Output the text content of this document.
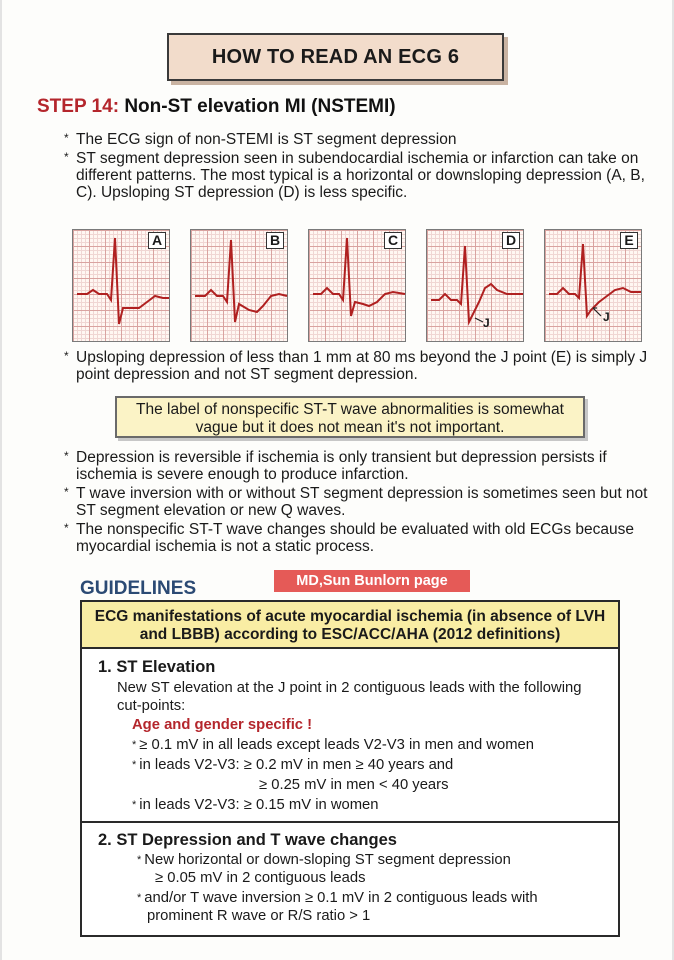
HOW TO READ AN ECG 6
STEP 14: Non-ST elevation MI (NSTEMI)
* The ECG sign of non-STEMI is ST segment depression
* ST segment depression seen in subendocardial ischemia or infarction can take on different patterns. The most typical is a horizontal or downsloping depression (A, B, C). Upsloping ST depression (D) is less specific.
A	B	C	D
J
E
J
* Upsloping depression of less than 1 mm at 80 ms beyond the J point (E) is simply J point depression and not ST segment depression.
The label of nonspecific ST-T wave abnormalities is somewhat vague but it does not mean it's not important.
* Depression is reversible if ischemia is only transient but depression persists if ischemia is severe enough to produce infarction.
* T wave inversion with or without ST segment depression is sometimes seen but not ST segment elevation or new Q waves.
* The nonspecific ST-T wave changes should be evaluated with old ECGs because myocardial ischemia is not a static process.
GUIDELINES	MD,Sun Bunlorn page
ECG manifestations of acute myocardial ischemia (in absence of LVH and LBBB) according to ESC/ACC/AHA (2012 definitions)
1. ST Elevation
New ST elevation at the J point in 2 contiguous leads with the following cut-points:
Age and gender specific !
* ≥ 0.1 mV in all leads except leads V2-V3 in men and women
* in leads V2-V3: ≥ 0.2 mV in men ≥ 40 years and
≥ 0.25 mV in men < 40 years
* in leads V2-V3: ≥ 0.15 mV in women
2. ST Depression and T wave changes
* New horizontal or down-sloping ST segment depression
≥ 0.05 mV in 2 contiguous leads
* and/or T wave inversion ≥ 0.1 mV in 2 contiguous leads with
prominent R wave or R/S ratio > 1
